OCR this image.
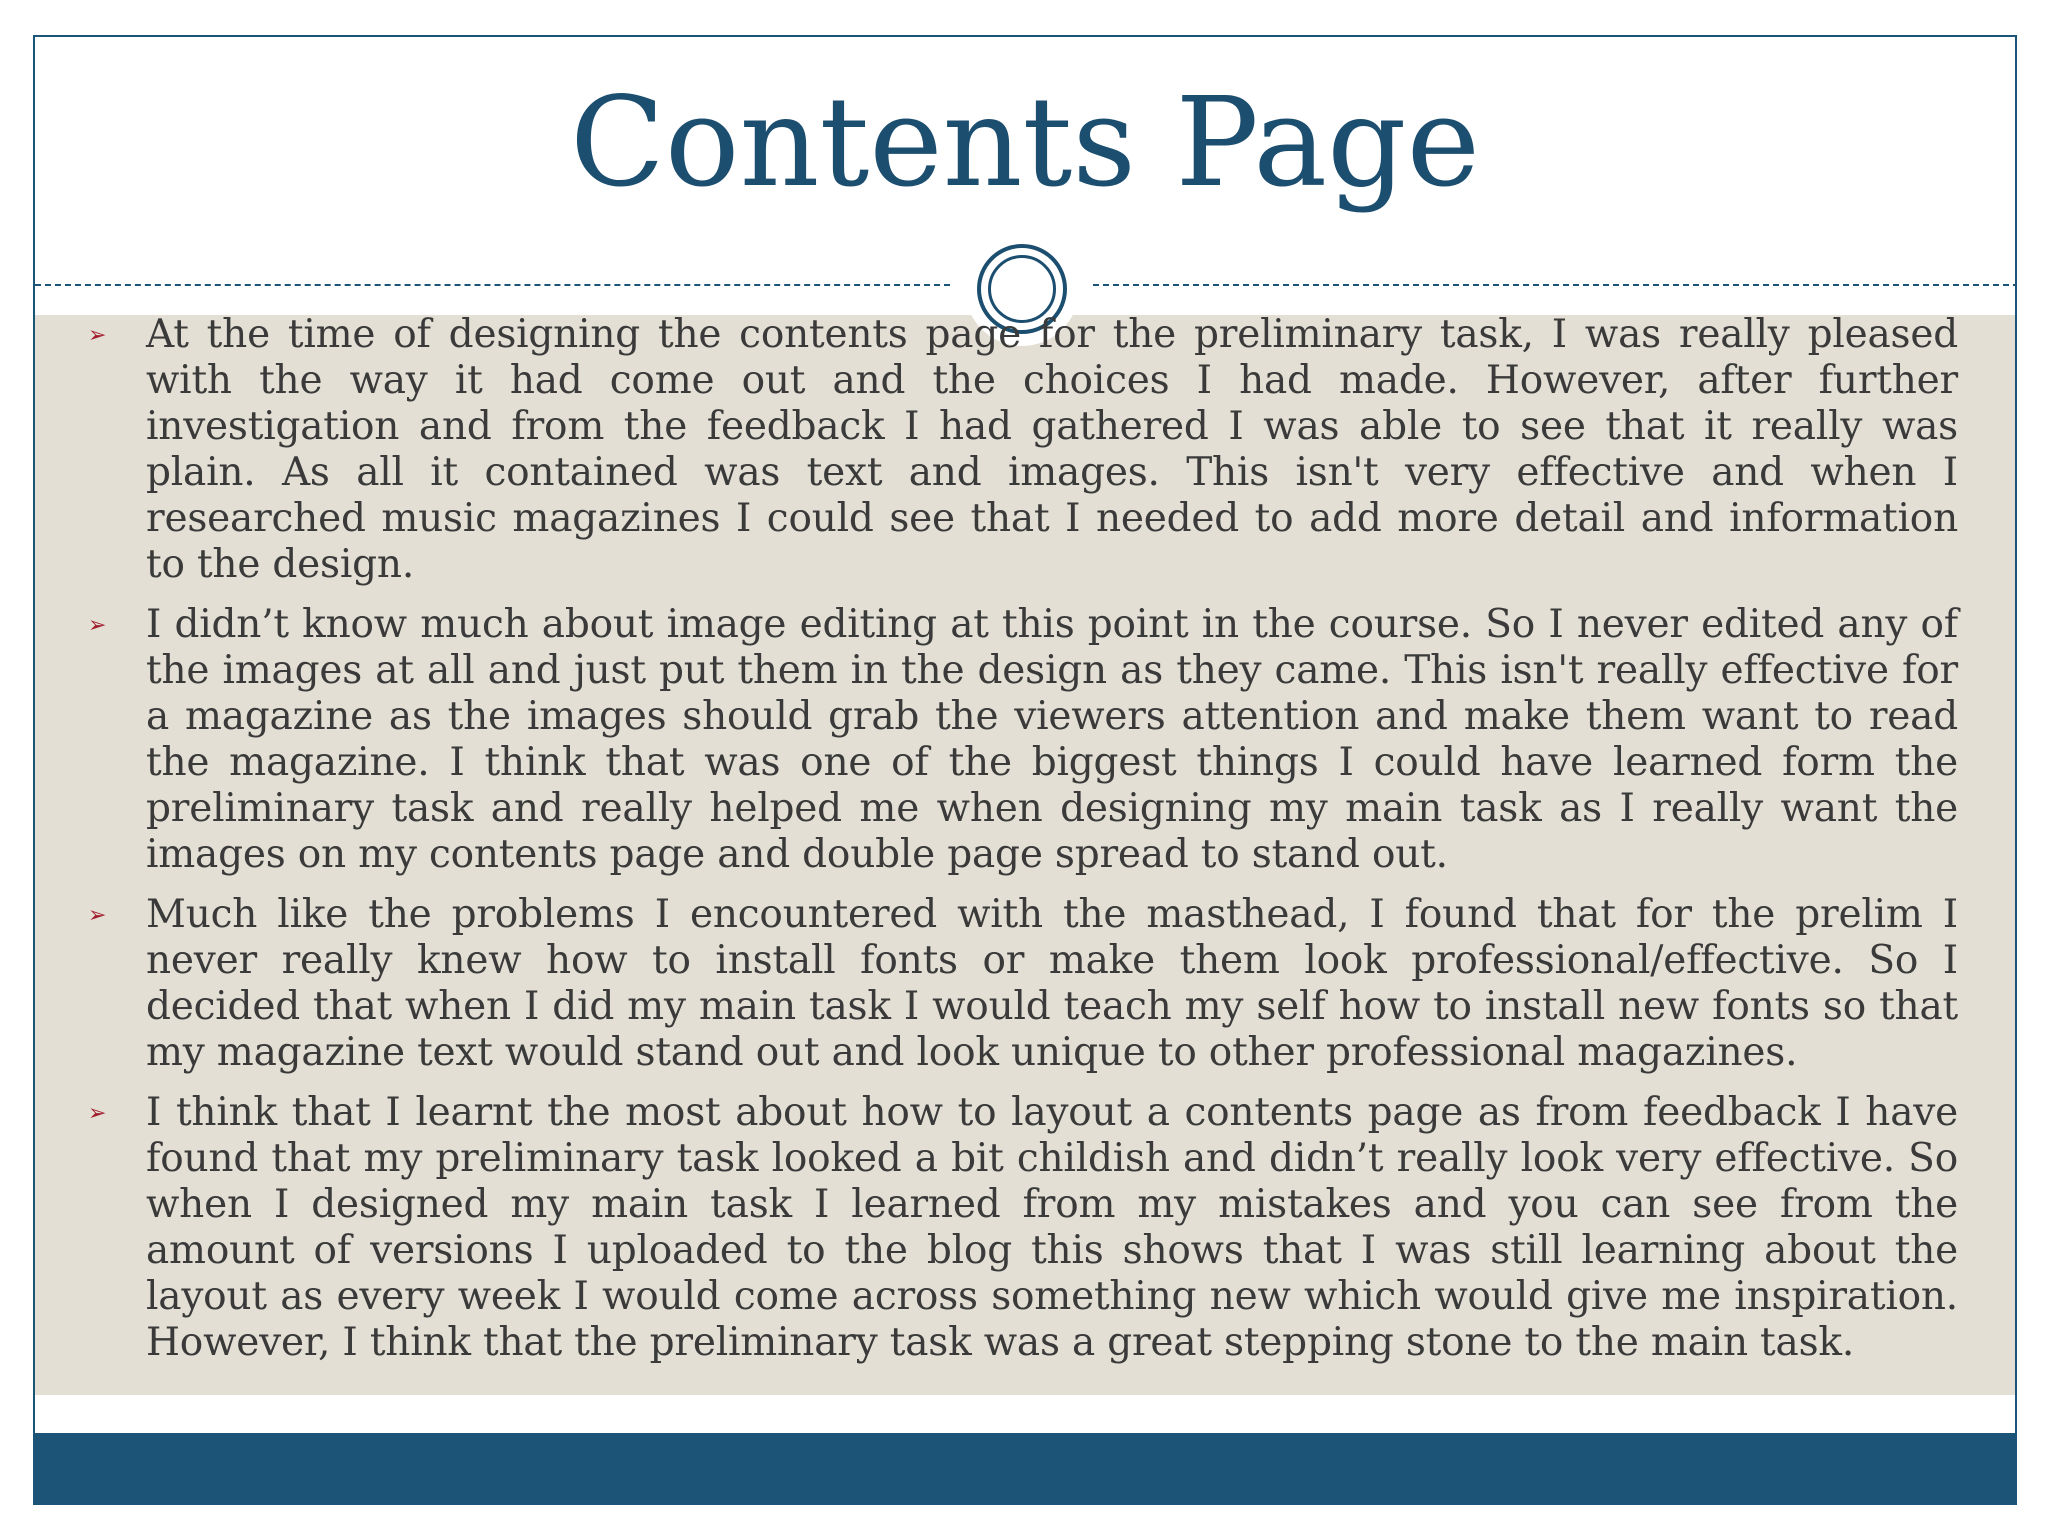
Contents Page
➢ At the time of designing the contents page for the preliminary task, I was really pleased with the way it had come out and the choices I had made. However, after further investigation and from the feedback I had gathered I was able to see that it really was plain. As all it contained was text and images. This isn't very effective and when I researched music magazines I could see that I needed to add more detail and information to the design.
➢ I didn’t know much about image editing at this point in the course. So I never edited any of the images at all and just put them in the design as they came. This isn't really effective for a magazine as the images should grab the viewers attention and make them want to read the magazine. I think that was one of the biggest things I could have learned form the preliminary task and really helped me when designing my main task as I really want the images on my contents page and double page spread to stand out.
➢ Much like the problems I encountered with the masthead, I found that for the prelim I never really knew how to install fonts or make them look professional/effective. So I decided that when I did my main task I would teach my self how to install new fonts so that my magazine text would stand out and look unique to other professional magazines.
➢ I think that I learnt the most about how to layout a contents page as from feedback I have found that my preliminary task looked a bit childish and didn’t really look very effective. So when I designed my main task I learned from my mistakes and you can see from the amount of versions I uploaded to the blog this shows that I was still learning about the layout as every week I would come across something new which would give me inspiration. However, I think that the preliminary task was a great stepping stone to the main task.
